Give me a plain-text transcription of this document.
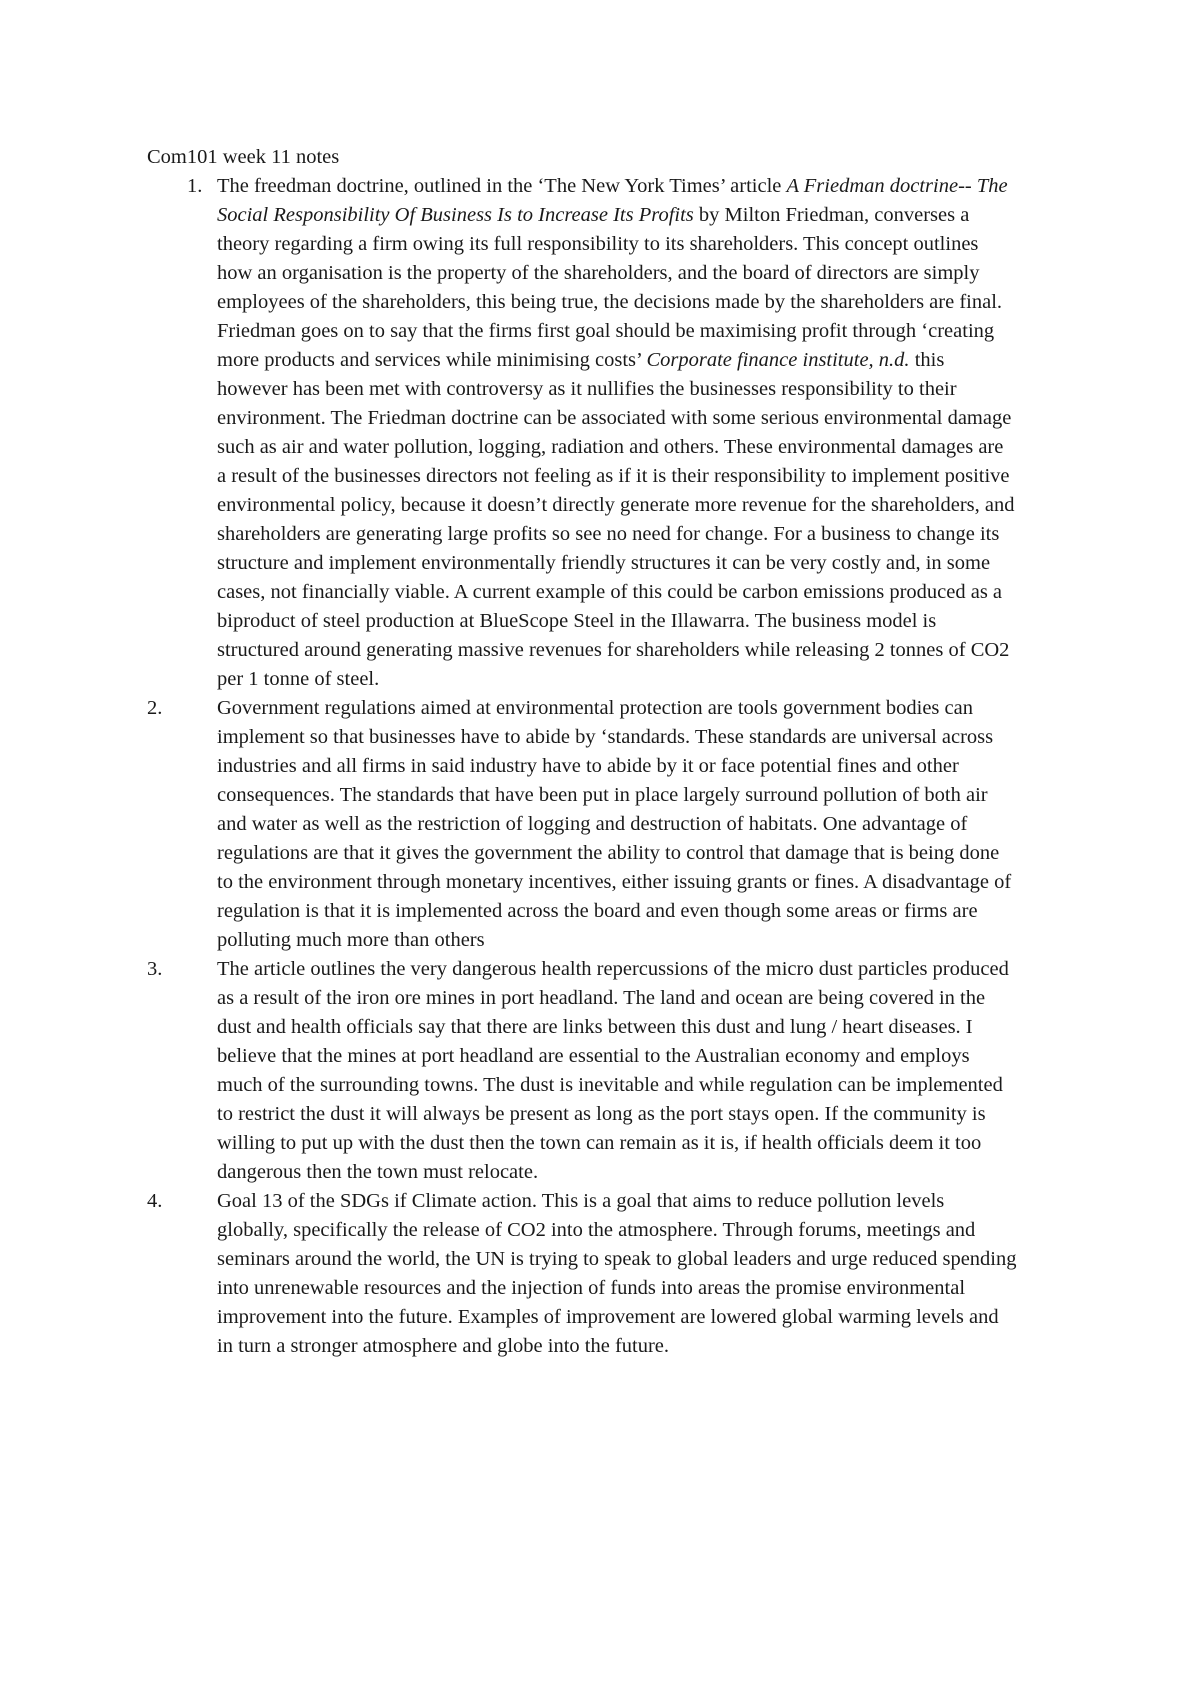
Com101 week 11 notes
1. The freedman doctrine, outlined in the ‘The New York Times’ article A Friedman doctrine-- The Social Responsibility Of Business Is to Increase Its Profits by Milton Friedman, converses a theory regarding a firm owing its full responsibility to its shareholders. This concept outlines how an organisation is the property of the shareholders, and the board of directors are simply employees of the shareholders, this being true, the decisions made by the shareholders are final. Friedman goes on to say that the firms first goal should be maximising profit through ‘creating more products and services while minimising costs’ Corporate finance institute, n.d. this however has been met with controversy as it nullifies the businesses responsibility to their environment. The Friedman doctrine can be associated with some serious environmental damage such as air and water pollution, logging, radiation and others. These environmental damages are a result of the businesses directors not feeling as if it is their responsibility to implement positive environmental policy, because it doesn’t directly generate more revenue for the shareholders, and shareholders are generating large profits so see no need for change. For a business to change its structure and implement environmentally friendly structures it can be very costly and, in some cases, not financially viable. A current example of this could be carbon emissions produced as a biproduct of steel production at BlueScope Steel in the Illawarra. The business model is structured around generating massive revenues for shareholders while releasing 2 tonnes of CO2 per 1 tonne of steel.
2.	Government regulations aimed at environmental protection are tools government bodies can implement so that businesses have to abide by ‘standards. These standards are universal across industries and all firms in said industry have to abide by it or face potential fines and other consequences. The standards that have been put in place largely surround pollution of both air and water as well as the restriction of logging and destruction of habitats. One advantage of regulations are that it gives the government the ability to control that damage that is being done to the environment through monetary incentives, either issuing grants or fines. A disadvantage of regulation is that it is implemented across the board and even though some areas or firms are polluting much more than others
3.	The article outlines the very dangerous health repercussions of the micro dust particles produced as a result of the iron ore mines in port headland. The land and ocean are being covered in the dust and health officials say that there are links between this dust and lung / heart diseases. I believe that the mines at port headland are essential to the Australian economy and employs much of the surrounding towns. The dust is inevitable and while regulation can be implemented to restrict the dust it will always be present as long as the port stays open. If the community is willing to put up with the dust then the town can remain as it is, if health officials deem it too dangerous then the town must relocate.
4.	Goal 13 of the SDGs if Climate action. This is a goal that aims to reduce pollution levels globally, specifically the release of CO2 into the atmosphere. Through forums, meetings and seminars around the world, the UN is trying to speak to global leaders and urge reduced spending into unrenewable resources and the injection of funds into areas the promise environmental improvement into the future. Examples of improvement are lowered global warming levels and in turn a stronger atmosphere and globe into the future.
